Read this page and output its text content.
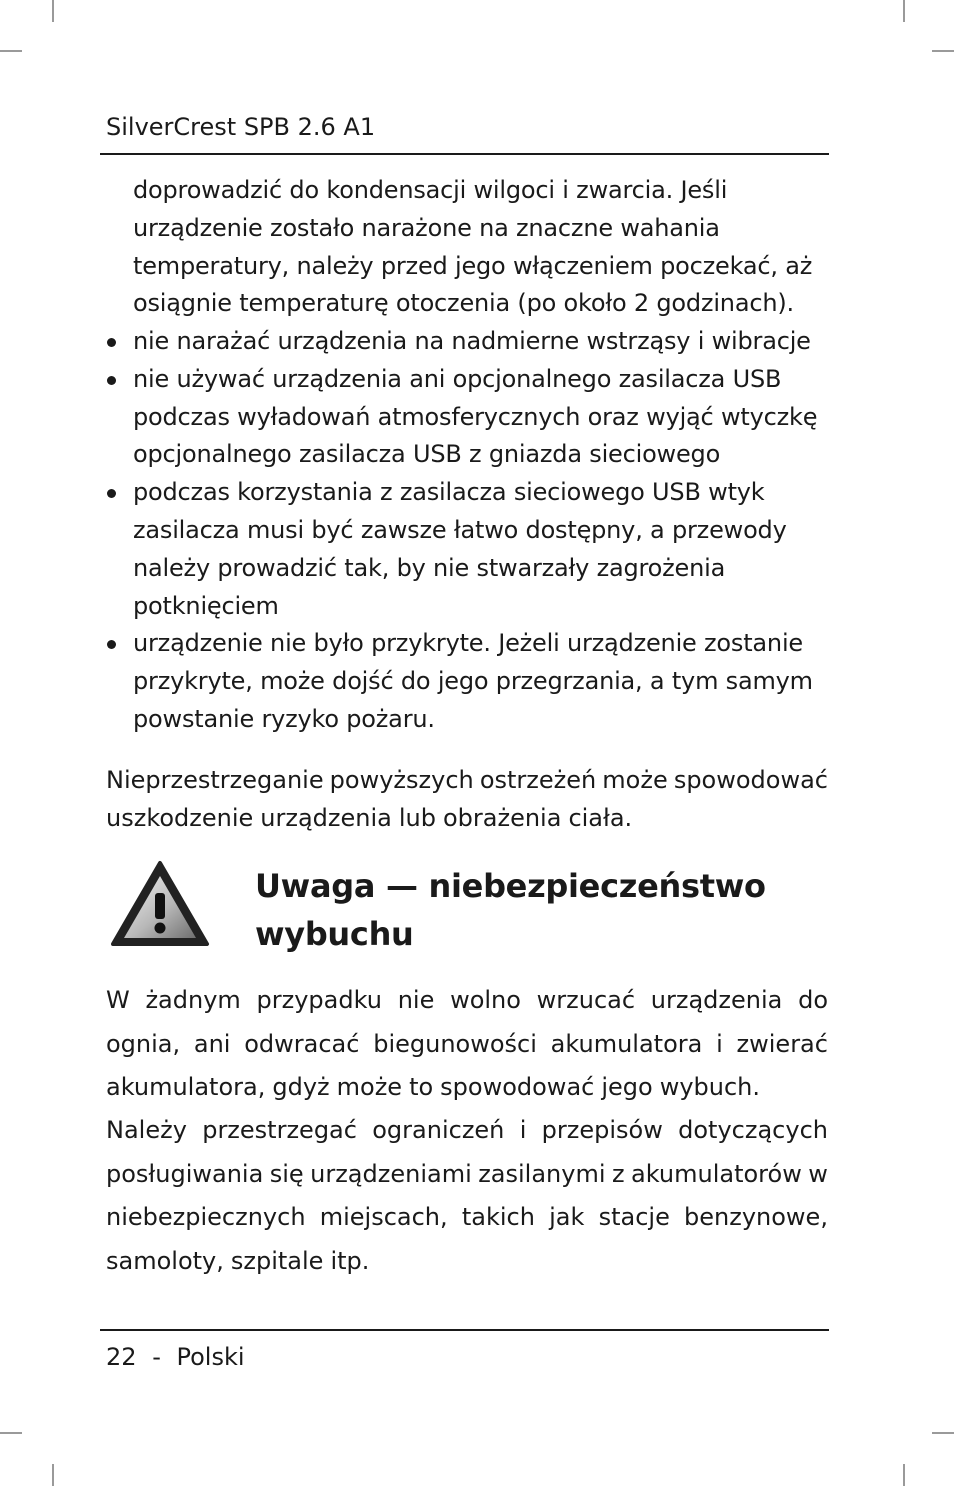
SilverCrest SPB 2.6 A1

doprowadzić do kondensacji wilgoci i zwarcia. Jeśli
urządzenie zostało narażone na znaczne wahania
temperatury, należy przed jego włączeniem poczekać, aż
osiągnie temperaturę otoczenia (po około 2 godzinach).

nie narażać urządzenia na nadmierne wstrząsy i wibracje
nie używać urządzenia ani opcjonalnego zasilacza USB
podczas wyładowań atmosferycznych oraz wyjąć wtyczkę
opcjonalnego zasilacza USB z gniazda sieciowego
podczas korzystania z zasilacza sieciowego USB wtyk
zasilacza musi być zawsze łatwo dostępny, a przewody
należy prowadzić tak, by nie stwarzały zagrożenia
potknięciem
urządzenie nie było przykryte. Jeżeli urządzenie zostanie
przykryte, może dojść do jego przegrzania, a tym samym
powstanie ryzyko pożaru.

Nieprzestrzeganie powyższych ostrzeżeń może spowodować
uszkodzenie urządzenia lub obrażenia ciała.

Uwaga — niebezpieczeństwo
wybuchu

W żadnym przypadku nie wolno wrzucać urządzenia do
ognia, ani odwracać biegunowości akumulatora i zwierać
akumulatora, gdyż może to spowodować jego wybuch.

Należy przestrzegać ograniczeń i przepisów dotyczących
posługiwania się urządzeniami zasilanymi z akumulatorów w
niebezpiecznych miejscach, takich jak stacje benzynowe,
samoloty, szpitale itp.

22 - Polski
